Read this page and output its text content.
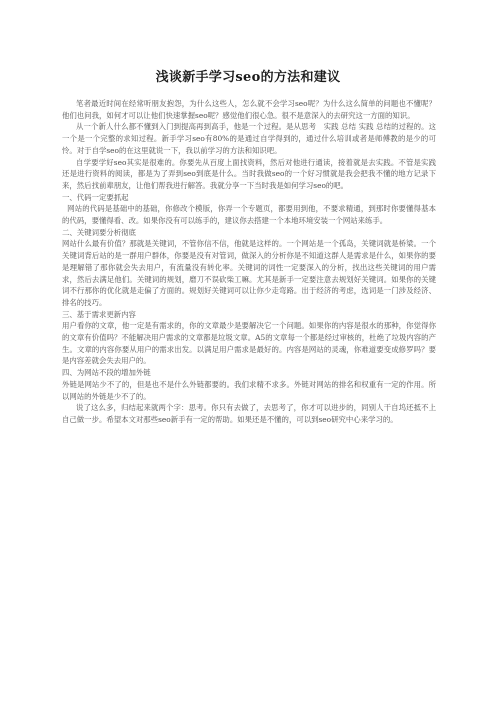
浅谈新手学习seo的方法和建议

笔者最近时间在经常听朋友抱怨，为什么这些人，怎么就不会学习seo呢？为什么这么简单的问题也不懂呢？他们也问我，如何才可以让他们快速掌握seo呢？感觉他们很心急。很不是意深入的去研究这一方面的知识。

从一个新人什么都不懂到入门到提高再到高手，他是一个过程。是从思考　实践 总结 实践 总结的过程的。这一个是一个完整的求知过程。新手学习seo有80%的是通过自学得到的，通过什么培训或者是师傅教的是少的可怜。对于自学seo的在这里就说一下，我以前学习的方法和知识吧。

自学要学好seo其实是很难的。你要先从百度上面找资料，然后对他进行通读，接着就是去实践。不管是实践还是进行资料的阅读，都是为了弄到seo到底是什么。当时我做seo的一个好习惯就是我会把我不懂的地方记录下来，然后找前辈朋友，让他们帮我进行解答。我就分享一下当时我是如何学习seo的吧。

一、代码一定要抓起

网站的代码是基础中的基础，你修改个模版，你弄一个专题页，都要用到他，不要求精通，到那时你要懂得基本的代码，要懂得看、改。如果你没有可以练手的，建议你去搭建一个本地环境安装一个网站来练手。

二、关键词要分析彻底

网站什么最有价值？那就是关键词，不管你信不信，他就是这样的。一个网站是一个孤岛，关键词就是桥梁。一个关键词背后站的是一群用户群体，你要是没有对管词，做深入的分析你是不知道这群人是需求是什么，如果你的要是理解错了那你就会失去用户，有流量没有转化率。关键词的词性一定要深入的分析，找出这些关键词的用户需求，然后去满足他们。关键词的规划，磨刀不误砍柴工嘛。尤其是新手一定要注意去规划好关键词。如果你的关键词不行那你的优化就是走偏了方面的。规划好关键词可以让你少走弯路。出于经济的考虑，选词是一门涉及经济、排名的技巧。

三、基于需求更新内容

用户看你的文章，他一定是有需求的，你的文章最少是要解决它一个问题。如果你的内容是很水的那种，你觉得你的文章有价值吗？不能解决用户需求的文章都是垃圾文章。A5的文章每一个都是经过审核的，杜绝了垃圾内容的产生。文章的内容你要从用户的需求出发。以满足用户需求是最好的。内容是网站的灵魂，你难道要变成修罗吗？要是内容差就会失去用户的。

四、为网站不段的增加外链

外链是网站少不了的，但是也不是什么外链都要的。我们求精不求多。外链对网站的排名和权重有一定的作用。所以网站的外链是少不了的。

说了这么多，归结起来就两个字：思考。你只有去做了，去思考了，你才可以进步的，同别人干自坞还抵不上自己做一步。希望本文对那些seo新手有一定的帮助。如果还是不懂的，可以到seo研究中心来学习的。
